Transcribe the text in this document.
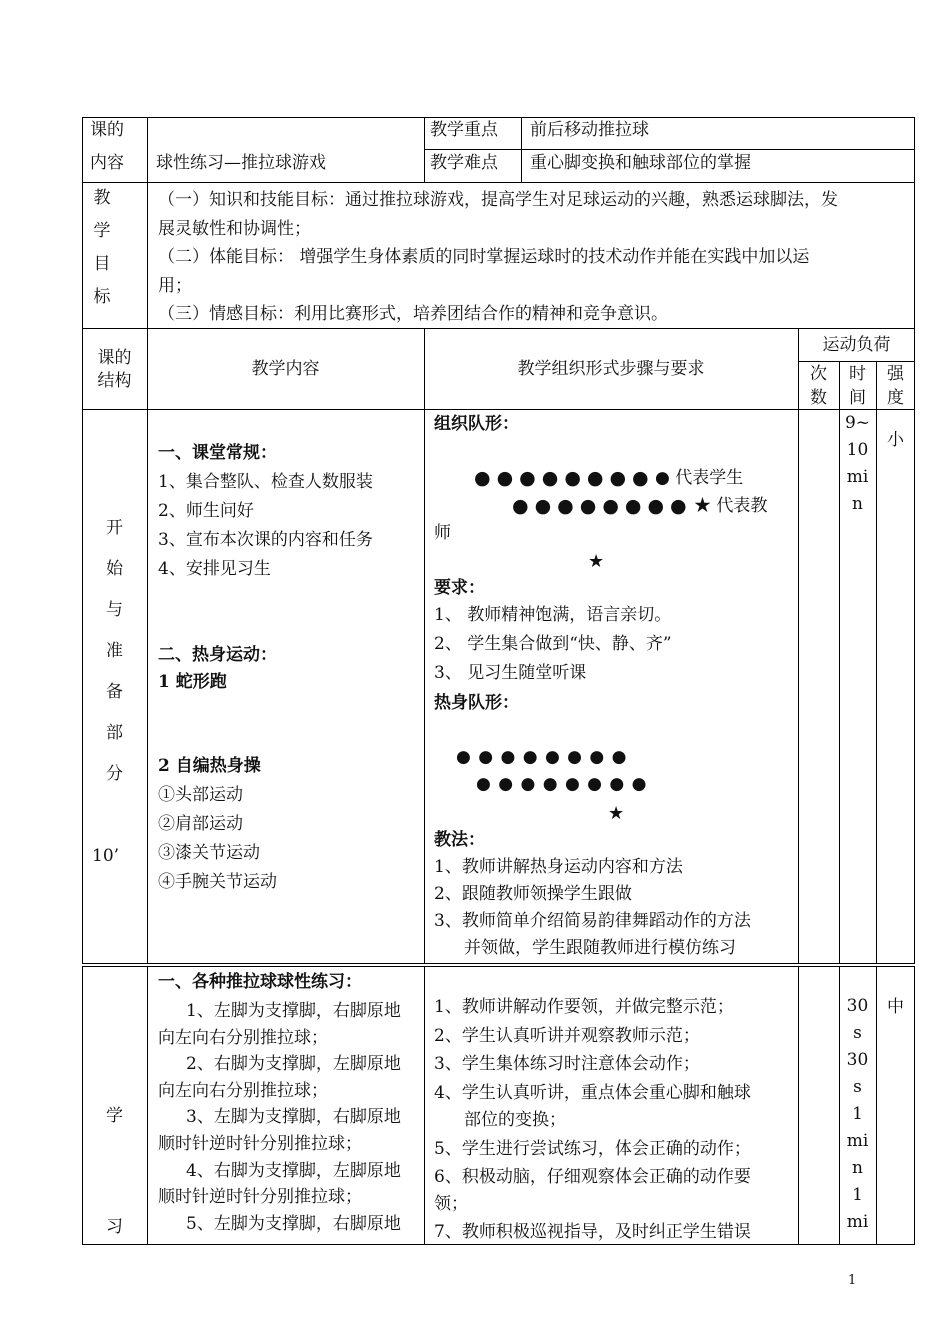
课的
内容 球性练习—推拉球游戏
教学重点 前后移动推拉球
教学难点 重心脚变换和触球部位的掌握
教
学
目
标
（一）知识和技能目标：通过推拉球游戏，提高学生对足球运动的兴趣，熟悉运球脚法，发
展灵敏性和协调性；
（二）体能目标： 增强学生身体素质的同时掌握运球时的技术动作并能在实践中加以运
用；
（三）情感目标：利用比赛形式，培养团结合作的精神和竞争意识。
课的
结构
教学内容	教学组织形式步骤与要求
运动负荷
次
数
时
间
强
度
开
始
与
准
备
部
分
10’
一、课堂常规：
1、集合整队、检查人数服装
2、师生问好
3、宣布本次课的内容和任务
4、安排见习生
二、热身运动：
1 蛇形跑
2 自编热身操
①头部运动
②肩部运动
③漆关节运动
④手腕关节运动
组织队形：
●●●●●●●● ● 代表学生
●●●●●●●● ★ 代表教
师
★
要求：
1、 教师精神饱满，语言亲切。
2、 学生集合做到“快、静、齐”
3、 见习生随堂听课
热身队形：
● ● ● ● ● ● ● ●
● ● ● ● ● ● ● ●
★
教法：
1、教师讲解热身运动内容和方法
2、跟随教师领操学生跟做
3、教师简单介绍简易韵律舞蹈动作的方法
并领做，学生跟随教师进行模仿练习
9~
10
mi
n
小
学
习
一、各种推拉球球性练习：
1、左脚为支撑脚，右脚原地
向左向右分别推拉球；
2、右脚为支撑脚，左脚原地
向左向右分别推拉球；
3、左脚为支撑脚，右脚原地
顺时针逆时针分别推拉球；
4、右脚为支撑脚，左脚原地
顺时针逆时针分别推拉球；
5、左脚为支撑脚，右脚原地
1、教师讲解动作要领，并做完整示范；
2、学生认真听讲并观察教师示范；
3、学生集体练习时注意体会动作；
4、学生认真听讲，重点体会重心脚和触球
部位的变换；
5、学生进行尝试练习，体会正确的动作；
6、积极动脑，仔细观察体会正确的动作要
领；
7、教师积极巡视指导，及时纠正学生错误
30
s
30
s
1
mi
n
1
mi
中
1
